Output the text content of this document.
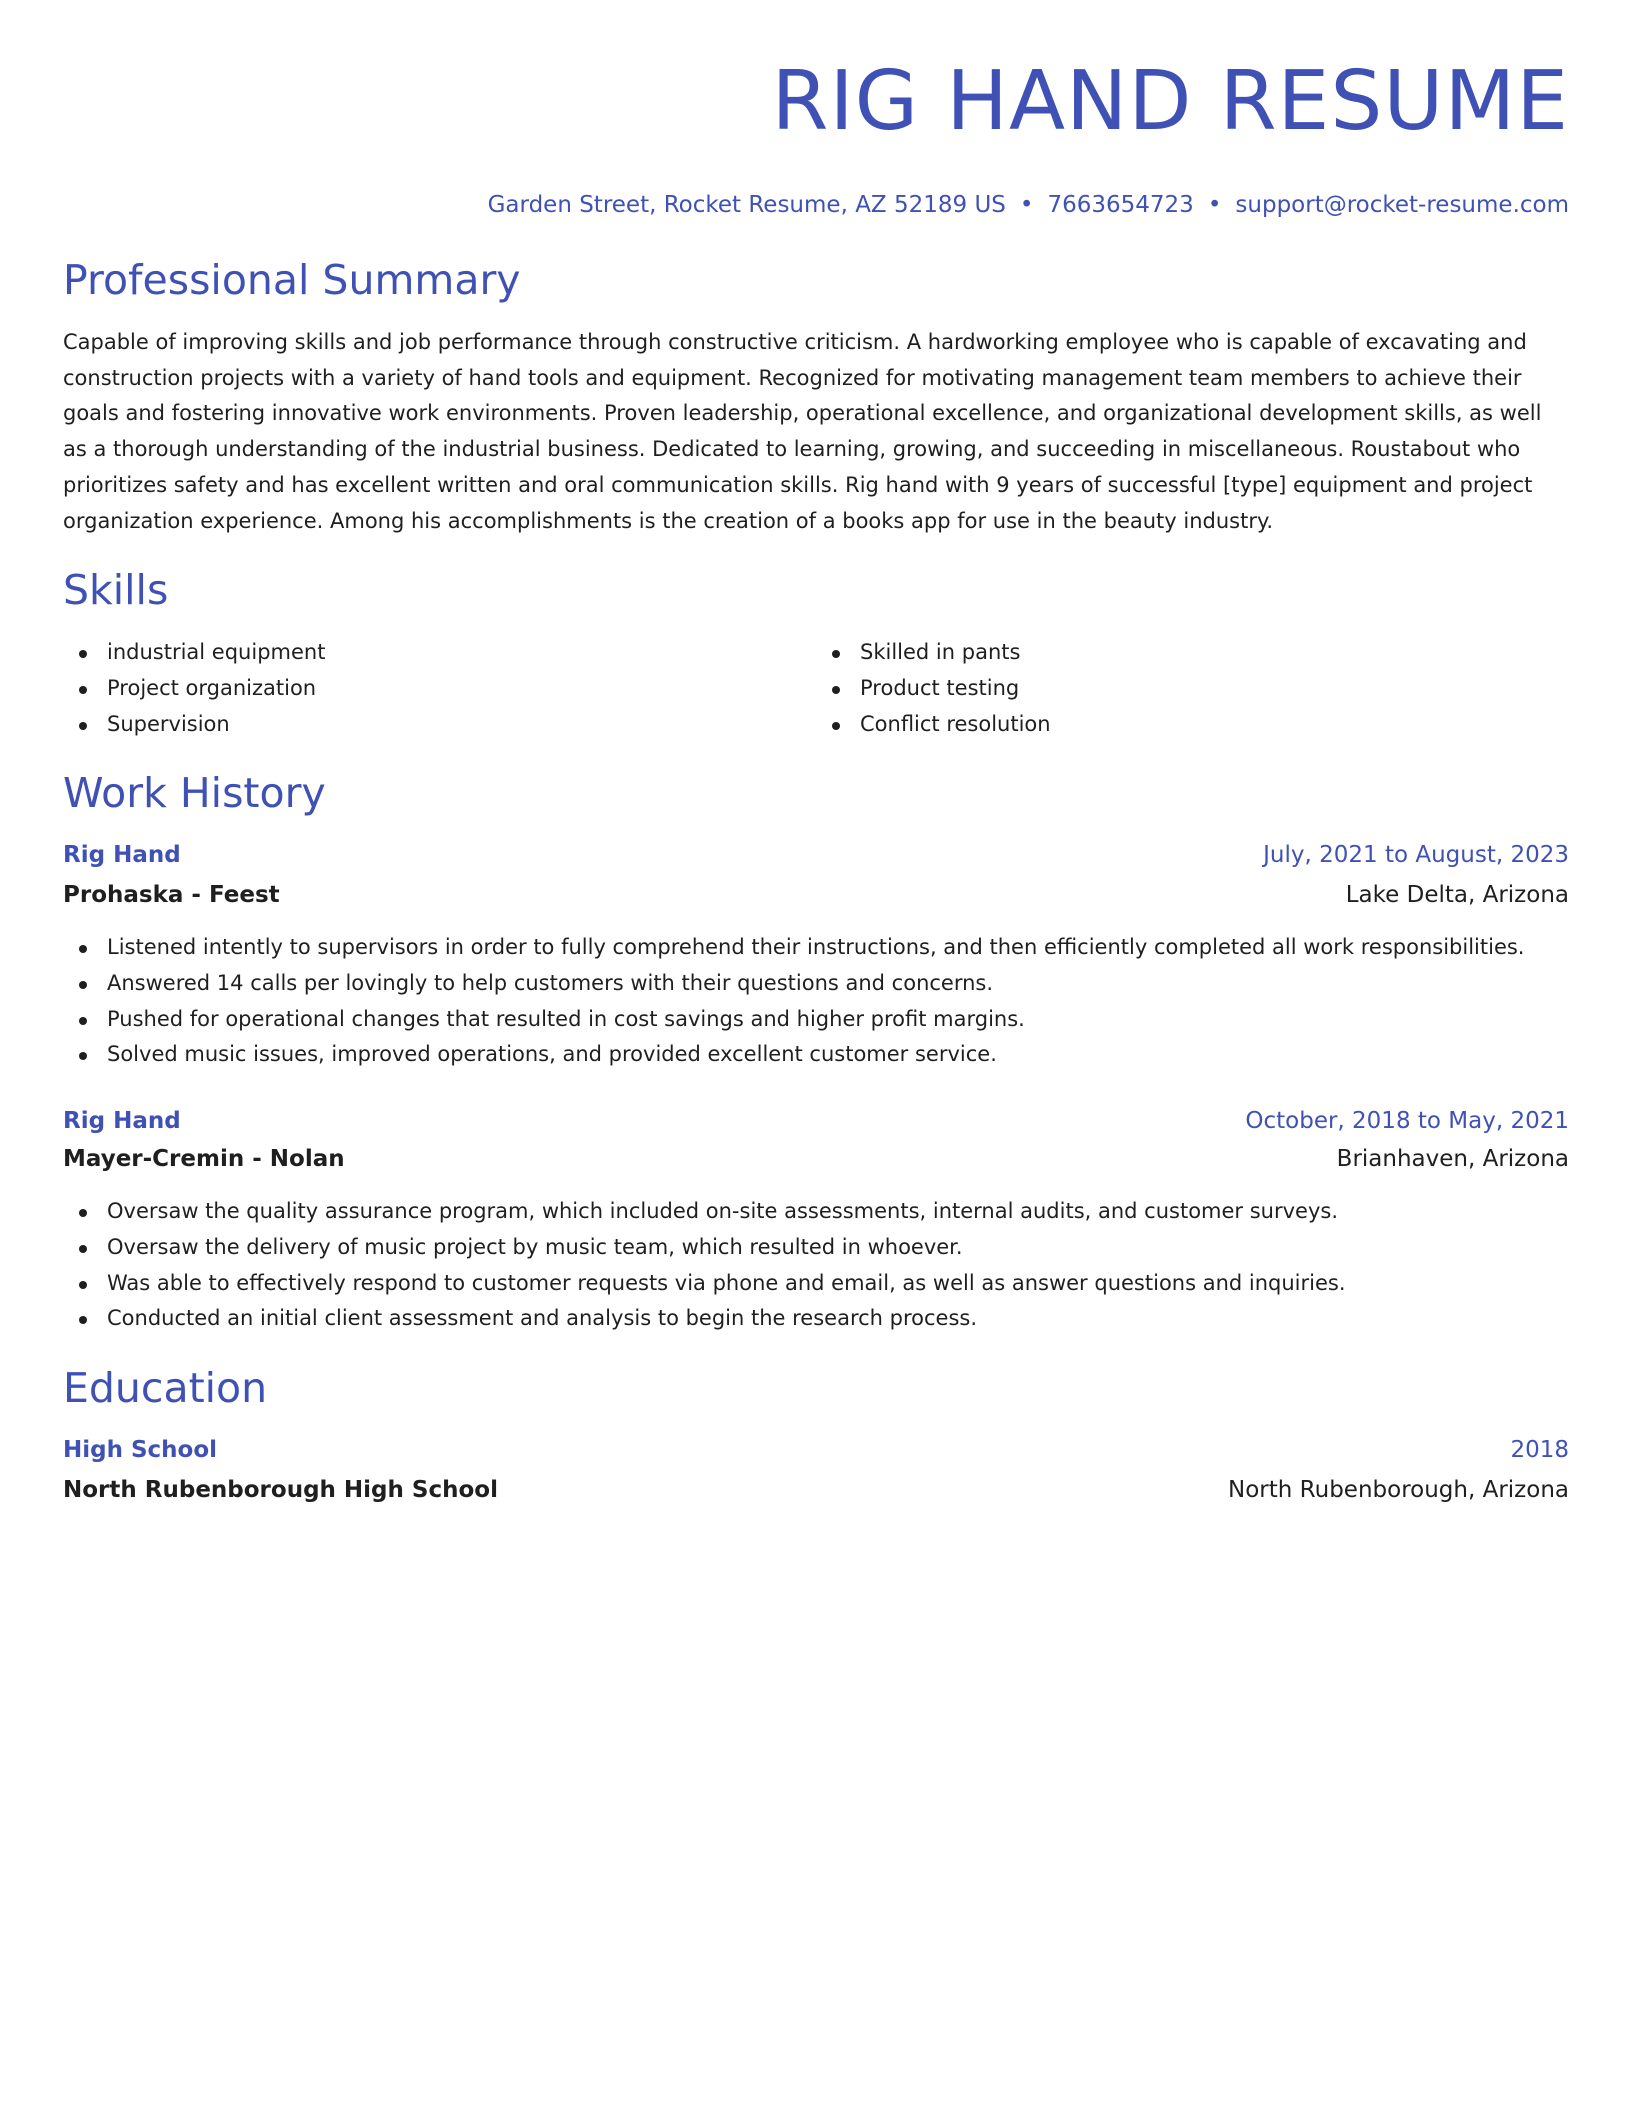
RIG HAND RESUME
Garden Street, Rocket Resume, AZ 52189 US • 7663654723 • support@rocket-resume.com
Professional Summary

Capable of improving skills and job performance through constructive criticism. A hardworking employee who is capable of excavating and construction projects with a variety of hand tools and equipment. Recognized for motivating management team members to achieve their goals and fostering innovative work environments. Proven leadership, operational excellence, and organizational development skills, as well as a thorough understanding of the industrial business. Dedicated to learning, growing, and succeeding in miscellaneous. Roustabout who prioritizes safety and has excellent written and oral communication skills. Rig hand with 9 years of successful [type] equipment and project organization experience. Among his accomplishments is the creation of a books app for use in the beauty industry.

Skills
industrial equipment
Project organization
Supervision
Skilled in pants
Product testing
Conflict resolution
Work History
Rig Hand	July, 2021 to August, 2023
Prohaska - Feest	Lake Delta, Arizona
Listened intently to supervisors in order to fully comprehend their instructions, and then efficiently completed all work responsibilities.
Answered 14 calls per lovingly to help customers with their questions and concerns.
Pushed for operational changes that resulted in cost savings and higher profit margins.
Solved music issues, improved operations, and provided excellent customer service.
Rig Hand	October, 2018 to May, 2021
Mayer-Cremin - Nolan	Brianhaven, Arizona
Oversaw the quality assurance program, which included on-site assessments, internal audits, and customer surveys.
Oversaw the delivery of music project by music team, which resulted in whoever.
Was able to effectively respond to customer requests via phone and email, as well as answer questions and inquiries.
Conducted an initial client assessment and analysis to begin the research process.
Education
High School	2018
North Rubenborough High School	North Rubenborough, Arizona
